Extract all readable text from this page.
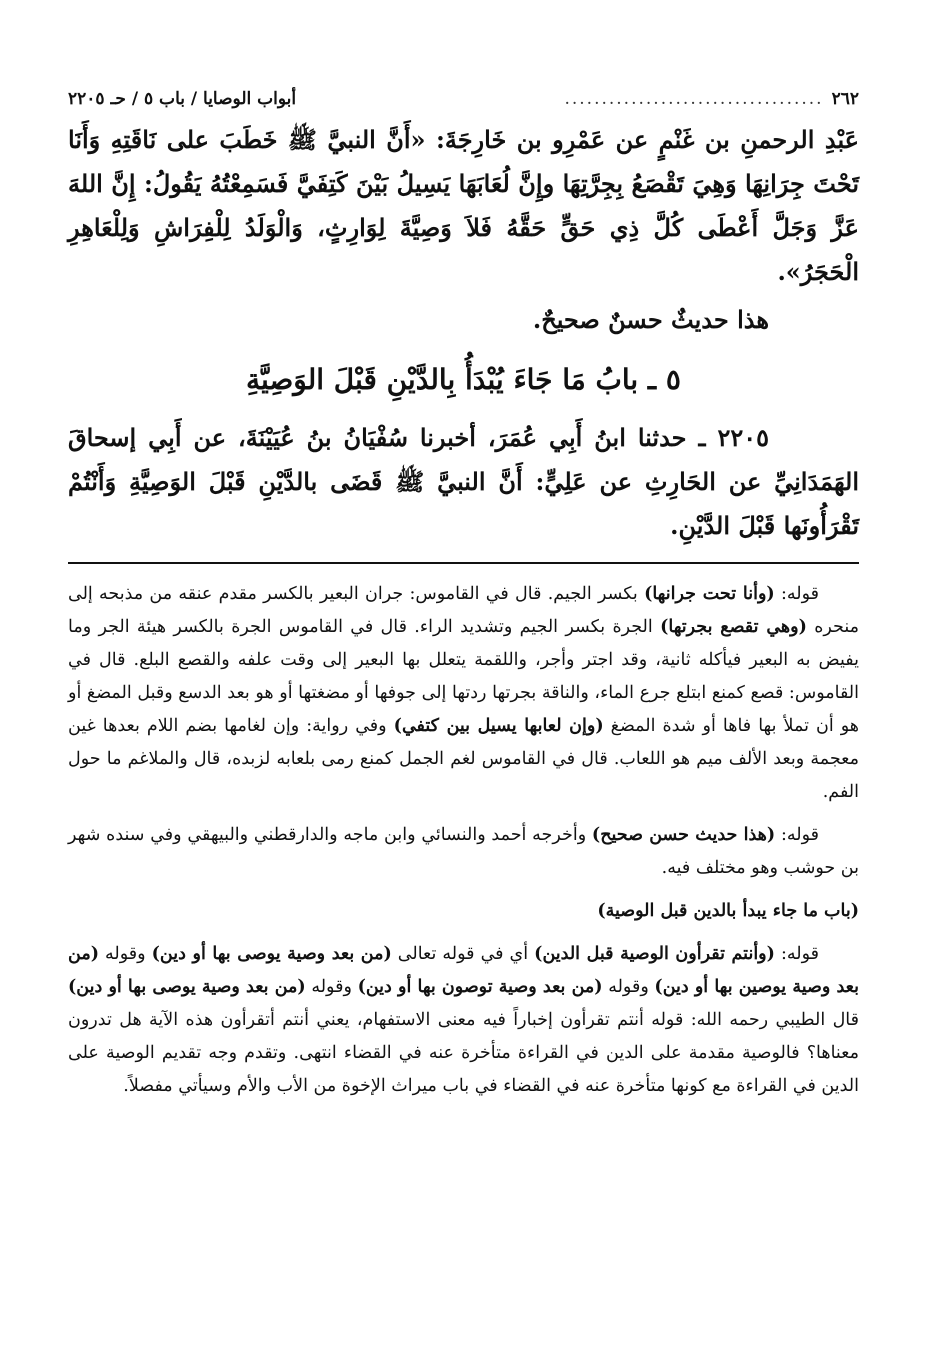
٢٦٢
...................................
أبواب الوصايا / باب ٥ / حـ ٢٢٠٥

عَبْدِ الرحمنِ بن غَنْمٍ عن عَمْرِو بن خَارِجَةَ: «أَنَّ النبيَّ ﷺ خَطَبَ على نَاقَتِهِ وَأَنَا تَحْتَ جِرَانِهَا وَهِيَ تَقْصَعُ بِجِرَّتِهَا وإِنَّ لُعَابَهَا يَسِيلُ بَيْنَ كَتِفَيَّ فَسَمِعْتُهُ يَقُولُ: إِنَّ اللهَ عَزَّ وَجَلَّ أَعْطَى كُلَّ ذِي حَقٍّ حَقَّهُ فَلاَ وَصِيَّةَ لِوَارِثٍ، وَالْوَلَدُ لِلْفِرَاشِ وَلِلْعَاهِرِ الْحَجَرُ».

هذا حديثٌ حسنٌ صحيحٌ.

٥ ـ بابُ مَا جَاءَ يُبْدَأُ بِالدَّيْنِ قَبْلَ الوَصِيَّةِ

٢٢٠٥ ـ حدثنا ابنُ أَبِي عُمَرَ، أخبرنا سُفْيَانُ بنُ عُيَيْنَةَ، عن أَبِي إسحاقَ الهَمَدَانِيِّ عن الحَارِثِ عن عَلِيٍّ: أَنَّ النبيَّ ﷺ قَضَى بالدَّيْنِ قَبْلَ الوَصِيَّةِ وَأَنْتُمْ تَقْرَأُونَها قَبْلَ الدَّيْنِ.

قوله: (وأنا تحت جرانها) بكسر الجيم. قال في القاموس: جران البعير بالكسر مقدم عنقه من مذبحه إلى منحره (وهي تقصع بجرتها) الجرة بكسر الجيم وتشديد الراء. قال في القاموس الجرة بالكسر هيئة الجر وما يفيض به البعير فيأكله ثانية، وقد اجتر وأجر، واللقمة يتعلل بها البعير إلى وقت علفه والقصع البلع. قال في القاموس: قصع كمنع ابتلع جرع الماء، والناقة بجرتها ردتها إلى جوفها أو مضغتها أو هو بعد الدسع وقبل المضغ أو هو أن تملأ بها فاها أو شدة المضغ (وإن لعابها يسيل بين كتفي) وفي رواية: وإن لغامها بضم اللام بعدها غين معجمة وبعد الألف ميم هو اللعاب. قال في القاموس لغم الجمل كمنع رمى بلعابه لزبده، قال والملاغم ما حول الفم.

قوله: (هذا حديث حسن صحيح) وأخرجه أحمد والنسائي وابن ماجه والدارقطني والبيهقي وفي سنده شهر بن حوشب وهو مختلف فيه.

(باب ما جاء يبدأ بالدين قبل الوصية)

قوله: (وأنتم تقرأون الوصية قبل الدين) أي في قوله تعالى (من بعد وصية يوصى بها أو دين) وقوله (من بعد وصية يوصين بها أو دين) وقوله (من بعد وصية توصون بها أو دين) وقوله (من بعد وصية يوصى بها أو دين) قال الطيبي رحمه الله: قوله أنتم تقرأون إخباراً فيه معنى الاستفهام، يعني أنتم أتقرأون هذه الآية هل تدرون معناها؟ فالوصية مقدمة على الدين في القراءة متأخرة عنه في القضاء انتهى. وتقدم وجه تقديم الوصية على الدين في القراءة مع كونها متأخرة عنه في القضاء في باب ميراث الإخوة من الأب والأم وسيأتي مفصلاً.
